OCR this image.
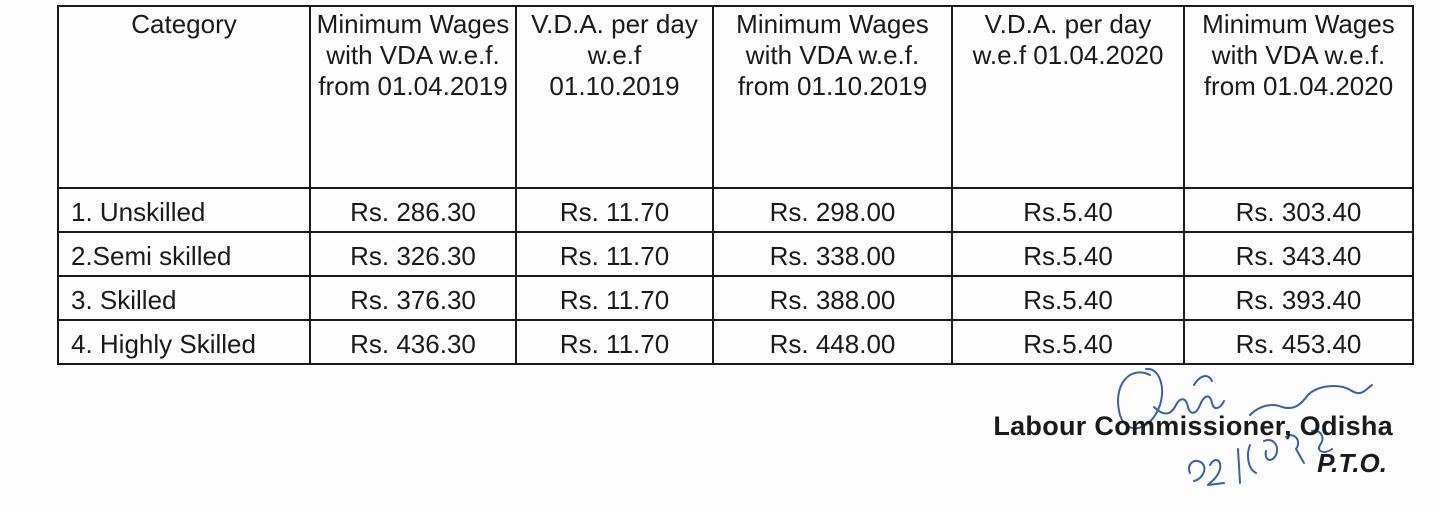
Category	Minimum Wages with VDA w.e.f. from 01.04.2019	V.D.A. per day w.e.f 01.10.2019	Minimum Wages with VDA w.e.f. from 01.10.2019	V.D.A. per day w.e.f 01.04.2020	Minimum Wages with VDA w.e.f. from 01.04.2020
1. Unskilled	Rs. 286.30	Rs. 11.70	Rs. 298.00	Rs.5.40	Rs. 303.40
2.Semi skilled	Rs. 326.30	Rs. 11.70	Rs. 338.00	Rs.5.40	Rs. 343.40
3. Skilled	Rs. 376.30	Rs. 11.70	Rs. 388.00	Rs.5.40	Rs. 393.40
4. Highly Skilled	Rs. 436.30	Rs. 11.70	Rs. 448.00	Rs.5.40	Rs. 453.40
Labour Commissioner, Odisha
P.T.O.
